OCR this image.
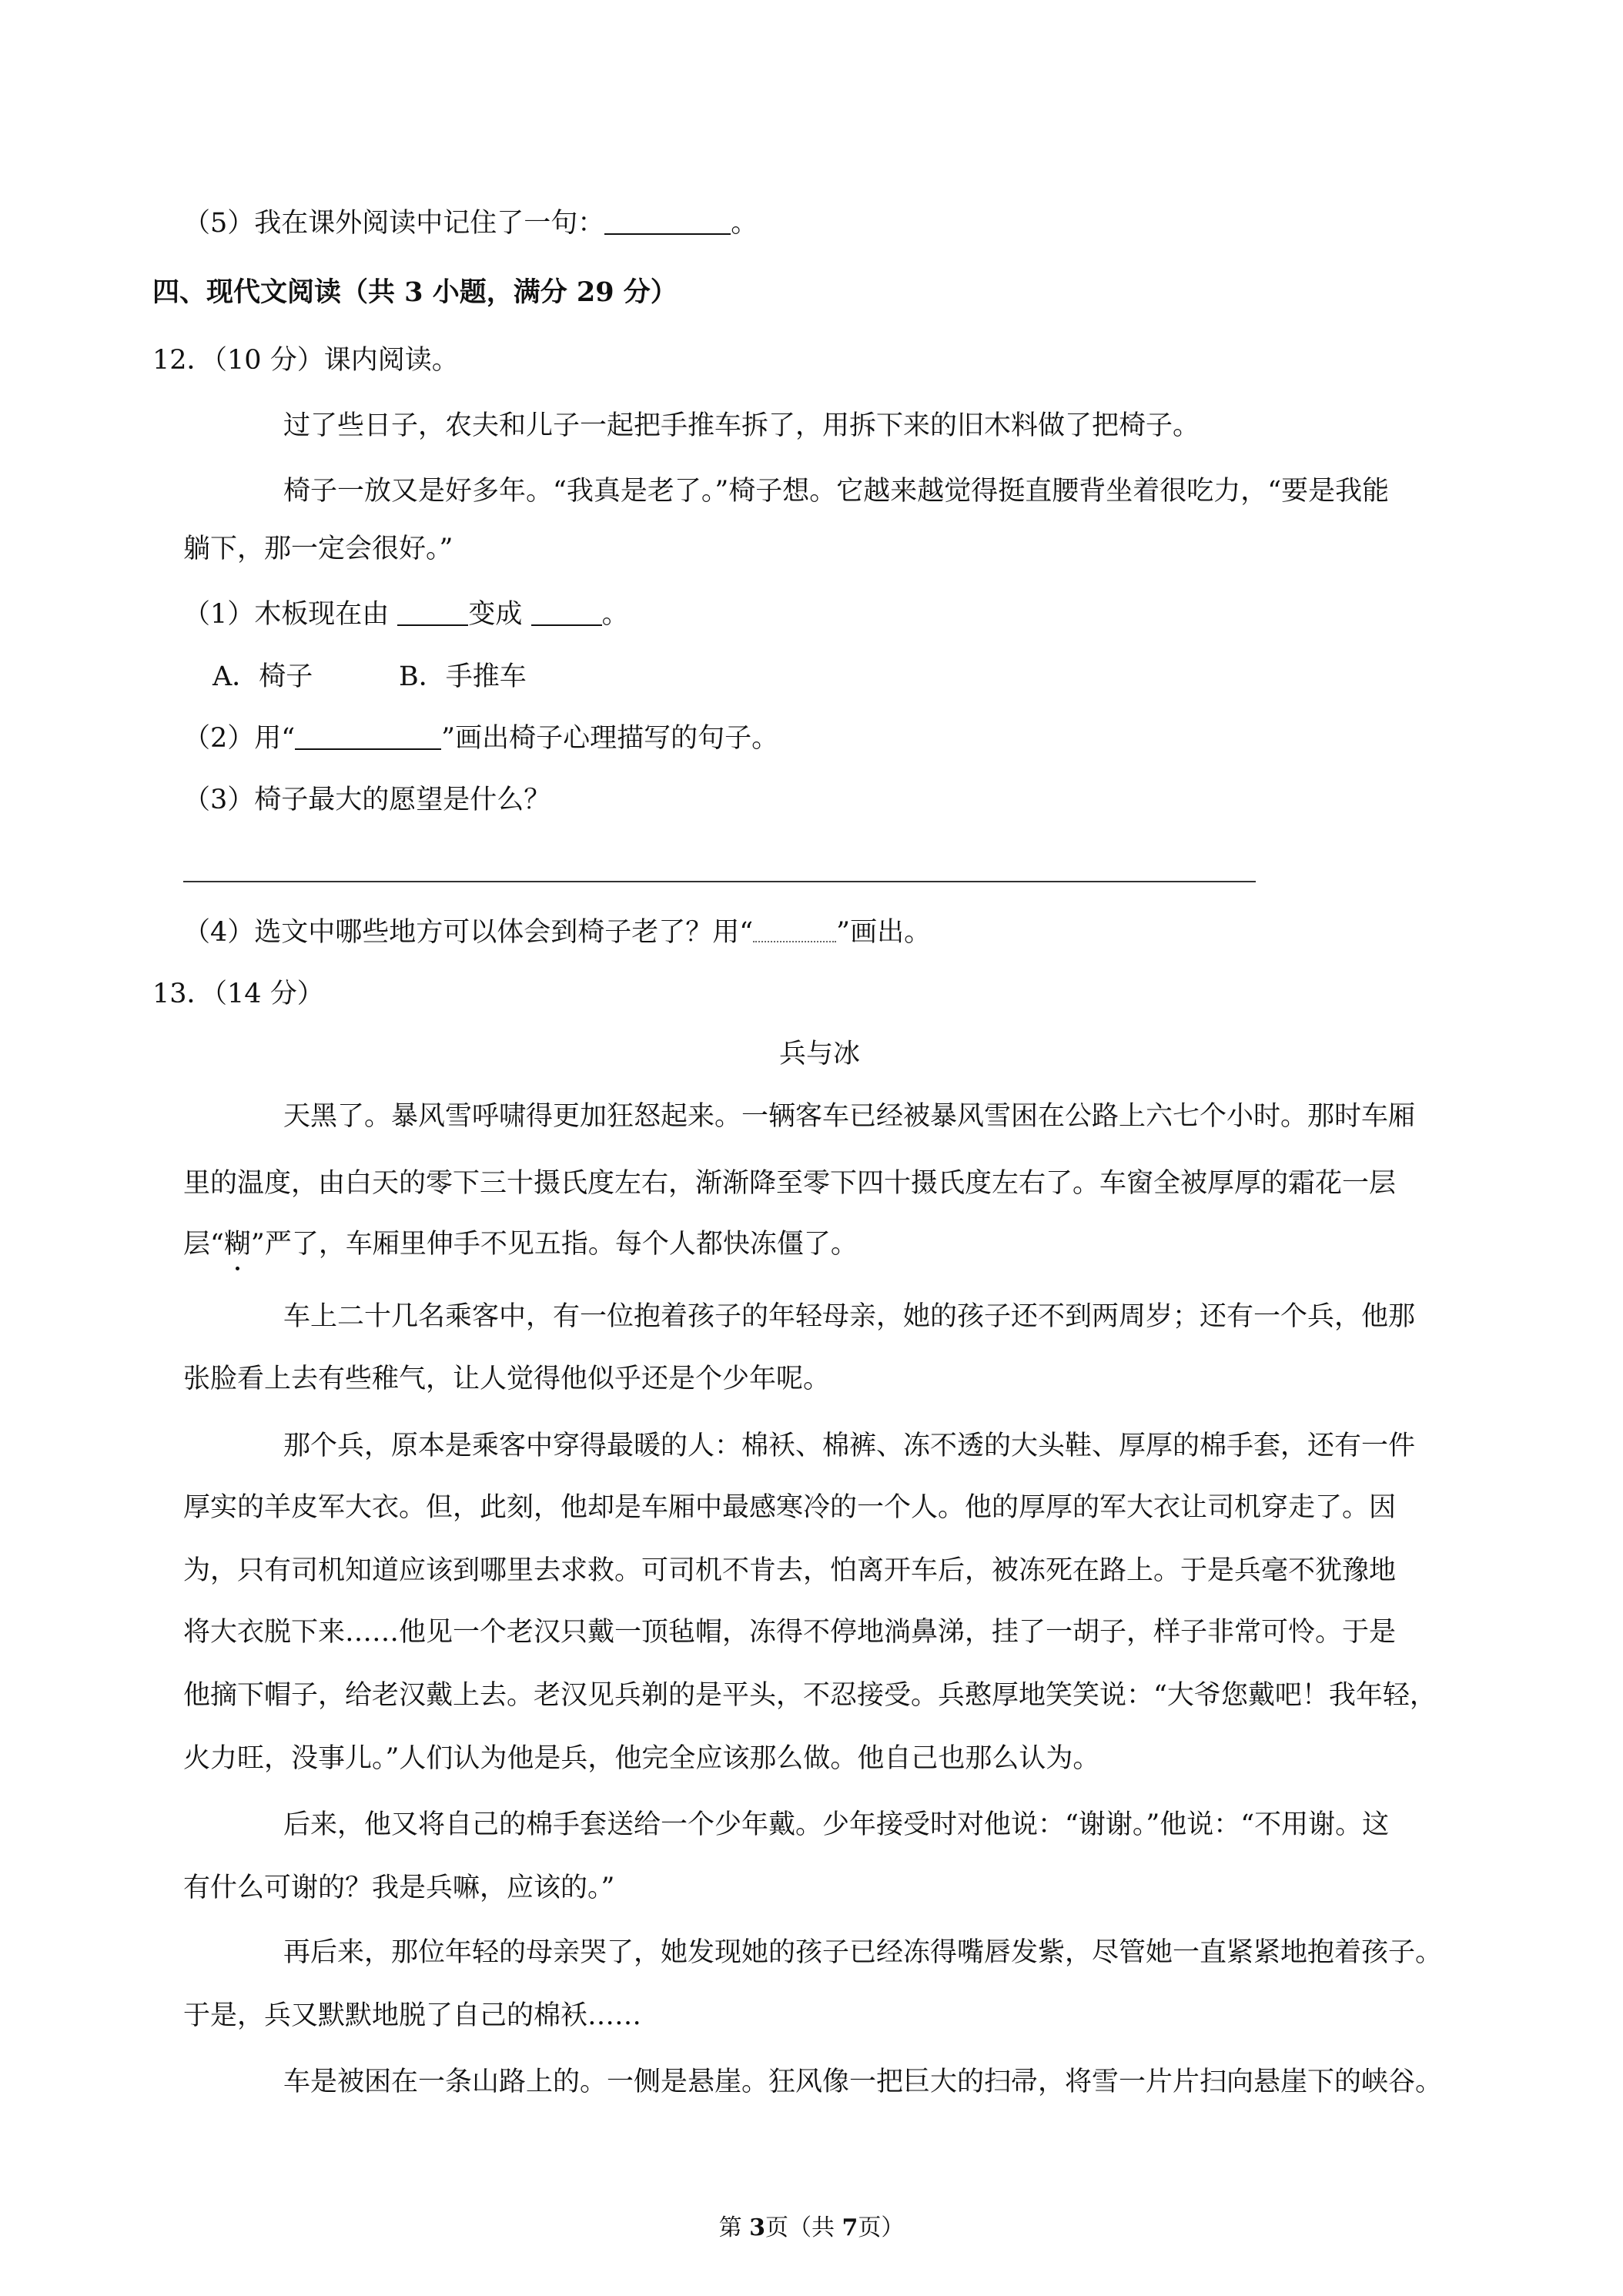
（5）我在课外阅读中记住了一句：	。
四、现代文阅读（共 3 小题，满分 29 分）
12．（10 分）课内阅读。
过了些日子，农夫和儿子一起把手推车拆了，用拆下来的旧木料做了把椅子。
椅子一放又是好多年。“我真是老了。”椅子想。它越来越觉得挺直腰背坐着很吃力，“要是我能
躺下，那一定会很好。”
（1）木板现在由	变成	。
A．椅子	B．手推车
（2）用“	”画出椅子心理描写的句子。
（3）椅子最大的愿望是什么？
（4）选文中哪些地方可以体会到椅子老了？用“	”画出。
13．（14 分）
兵与冰
天黑了。暴风雪呼啸得更加狂怒起来。一辆客车已经被暴风雪困在公路上六七个小时。那时车厢
里的温度，由白天的零下三十摄氏度左右，渐渐降至零下四十摄氏度左右了。车窗全被厚厚的霜花一层
层“糊”严了，车厢里伸手不见五指。每个人都快冻僵了。
车上二十几名乘客中，有一位抱着孩子的年轻母亲，她的孩子还不到两周岁；还有一个兵，他那
张脸看上去有些稚气，让人觉得他似乎还是个少年呢。
那个兵，原本是乘客中穿得最暖的人：棉袄、棉裤、冻不透的大头鞋、厚厚的棉手套，还有一件
厚实的羊皮军大衣。但，此刻，他却是车厢中最感寒冷的一个人。他的厚厚的军大衣让司机穿走了。因
为，只有司机知道应该到哪里去求救。可司机不肯去，怕离开车后，被冻死在路上。于是兵毫不犹豫地
将大衣脱下来……他见一个老汉只戴一顶毡帽，冻得不停地淌鼻涕，挂了一胡子，样子非常可怜。于是
他摘下帽子，给老汉戴上去。老汉见兵剃的是平头，不忍接受。兵憨厚地笑笑说：“大爷您戴吧！我年轻，
火力旺，没事儿。”人们认为他是兵，他完全应该那么做。他自己也那么认为。
后来，他又将自己的棉手套送给一个少年戴。少年接受时对他说：“谢谢。”他说：“不用谢。这
有什么可谢的？我是兵嘛，应该的。”
再后来，那位年轻的母亲哭了，她发现她的孩子已经冻得嘴唇发紫，尽管她一直紧紧地抱着孩子。
于是，兵又默默地脱了自己的棉袄……
车是被困在一条山路上的。一侧是悬崖。狂风像一把巨大的扫帚，将雪一片片扫向悬崖下的峡谷。
第 3页（共 7页）
